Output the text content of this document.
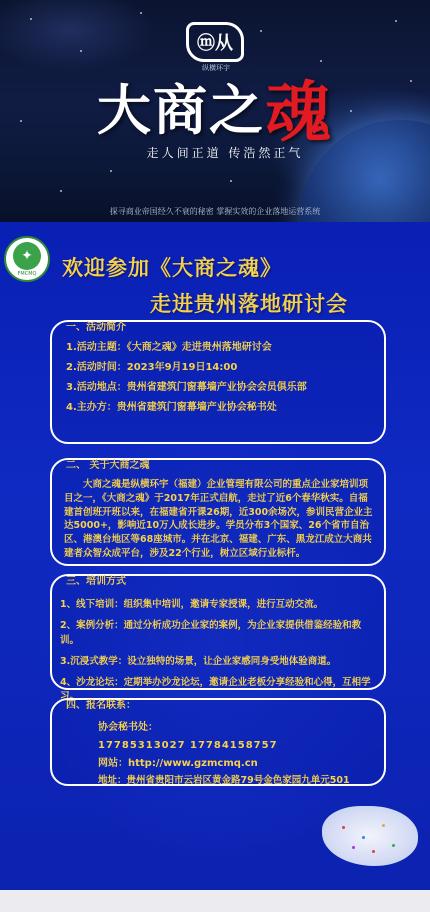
ⓜ从
纵横环宇
大商之 魂
走人间正道 传浩然正气
探寻商业帝国经久不衰的秘密 掌握实效的企业落地运营系统
✦
FMCMQ	欢迎参加《大商之魂》
走进贵州落地研讨会
一、活动简介

1.活动主题：《大商之魂》走进贵州落地研讨会

2.活动时间：2023年9月19日14:00

3.活动地点：贵州省建筑门窗幕墙产业协会会员俱乐部

4.主办方：贵州省建筑门窗幕墙产业协会秘书处

二、 关于大商之魂

大商之魂是纵横环宇（福建）企业管理有限公司的重点企业家培训项目之一，《大商之魂》于2017年正式启航，走过了近6个春华秋实。自福建首创班开班以来，在福建省开课26期，近300余场次，参训民营企业主达5000+，影响近10万人成长进步。学员分布3个国家、26个省市自治区、港澳台地区等68座城市。并在北京、福建、广东、黑龙江成立大商共建者众智众成平台，涉及22个行业，树立区域行业标杆。

三、培训方式

1、线下培训：组织集中培训，邀请专家授课，进行互动交流。

2、案例分析：通过分析成功企业家的案例，为企业家提供借鉴经验和教训。

3.沉浸式教学：设立独特的场景，让企业家感同身受地体验商道。

4、沙龙论坛：定期举办沙龙论坛，邀请企业老板分享经验和心得，互相学习。

四、报名联系：
协会秘书处：
17785313027 17784158757
网站：http://www.gzmcmq.cn
地址：贵州省贵阳市云岩区黄金路79号金色家园九单元501
